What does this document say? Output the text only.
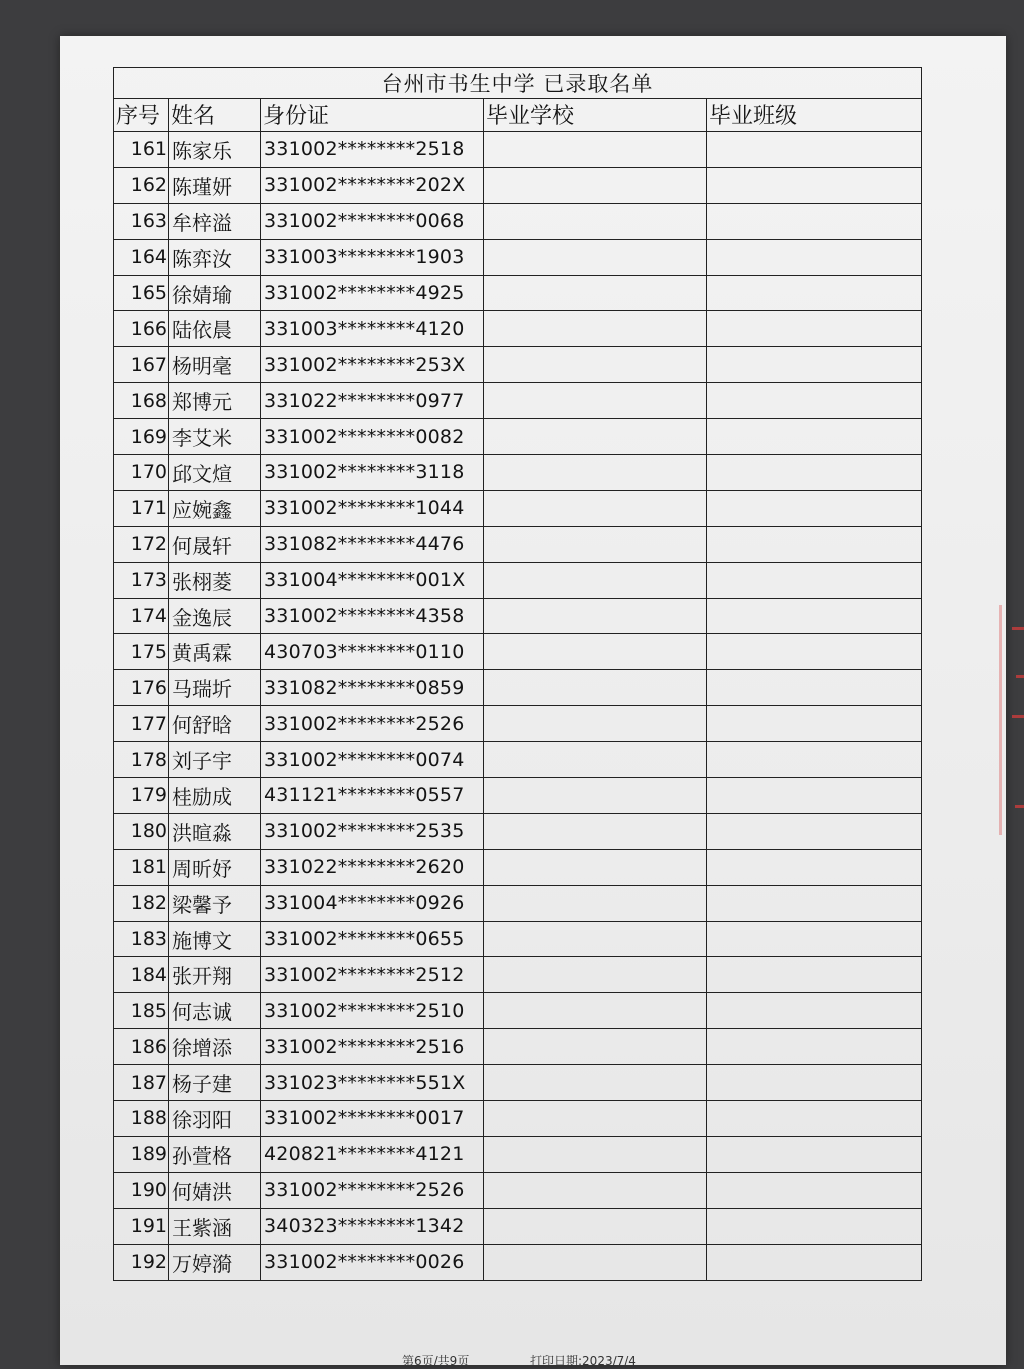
台州市书生中学 已录取名单				
序号	姓名	身份证	毕业学校	毕业班级
161	陈家乐	331002********2518		
162	陈瑾妍	331002********202X		
163	牟梓溢	331002********0068		
164	陈弈汝	331003********1903		
165	徐婧瑜	331002********4925		
166	陆依晨	331003********4120		
167	杨明毫	331002********253X		
168	郑博元	331022********0977		
169	李艾米	331002********0082		
170	邱文煊	331002********3118		
171	应婉鑫	331002********1044		
172	何晟轩	331082********4476		
173	张栩菱	331004********001X		
174	金逸辰	331002********4358		
175	黄禹霖	430703********0110		
176	马瑞圻	331082********0859		
177	何舒晗	331002********2526		
178	刘子宇	331002********0074		
179	桂励成	431121********0557		
180	洪暄淼	331002********2535		
181	周昕妤	331022********2620		
182	梁馨予	331004********0926		
183	施博文	331002********0655		
184	张开翔	331002********2512		
185	何志诚	331002********2510		
186	徐增添	331002********2516		
187	杨子建	331023********551X		
188	徐羽阳	331002********0017		
189	孙萱格	420821********4121		
190	何婧洪	331002********2526		
191	王紫涵	340323********1342		
192	万婷漪	331002********0026		
第6页/共9页	打印日期:2023/7/4
